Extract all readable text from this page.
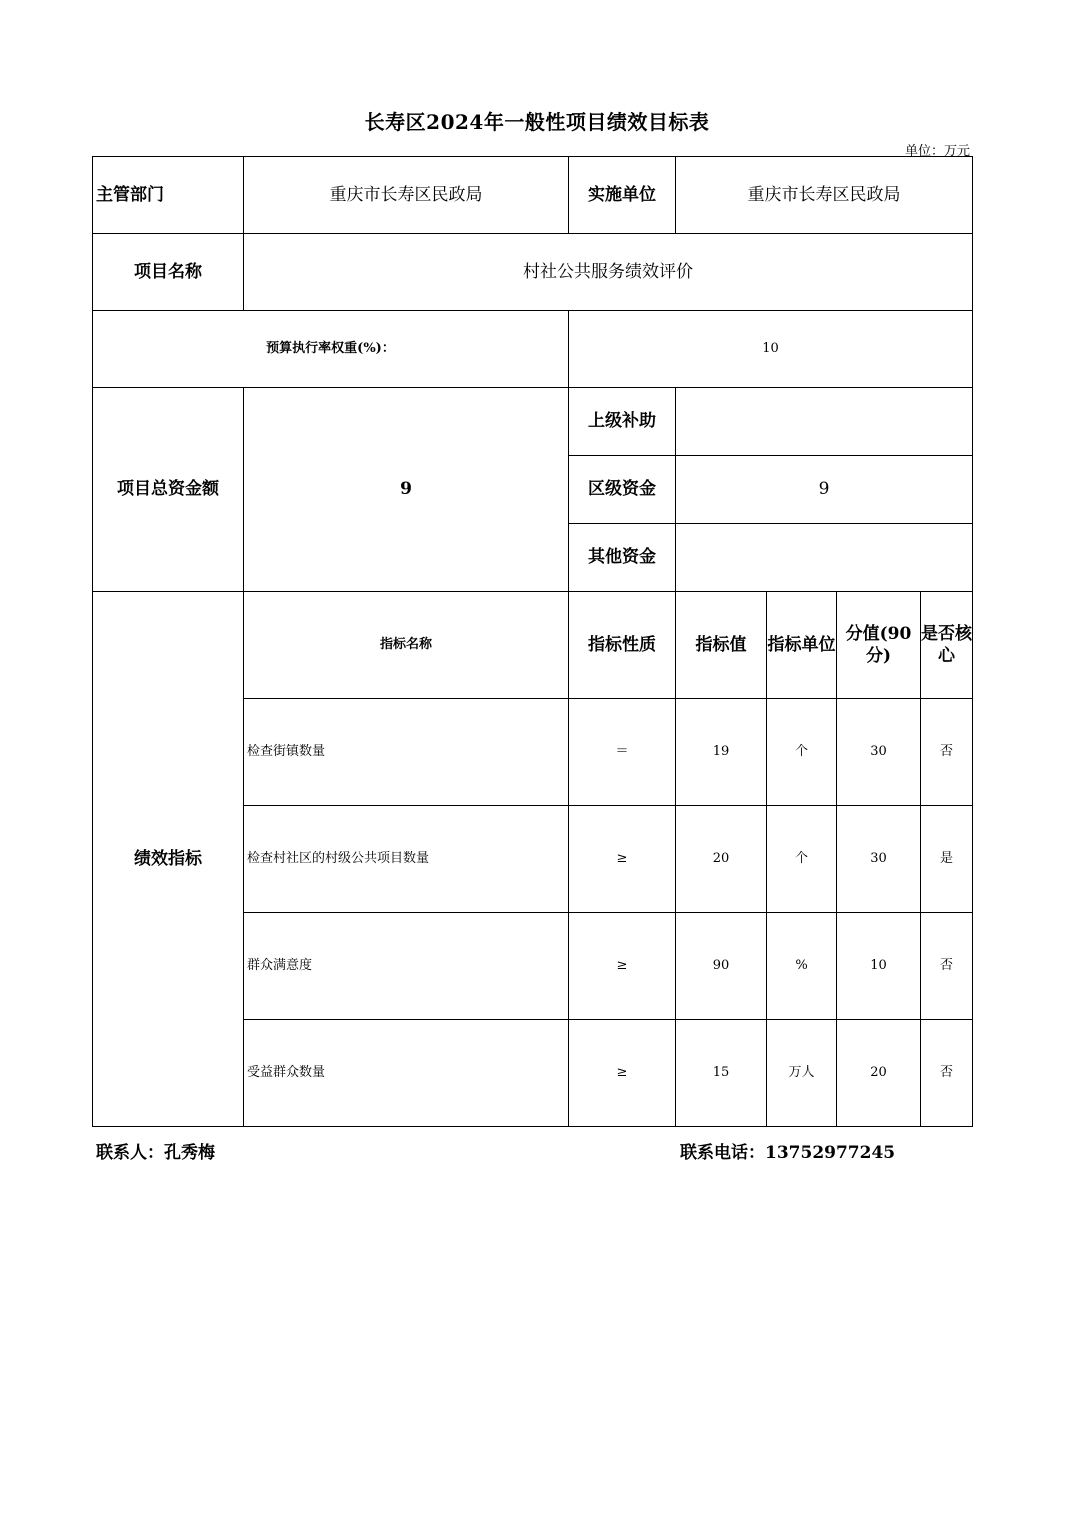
长寿区2024年一般性项目绩效目标表
单位：万元
主管部门	重庆市长寿区民政局	实施单位	重庆市长寿区民政局			
项目名称	村社公共服务绩效评价					
预算执行率权重(%)：		10				
项目总资金额	9	上级补助				
		区级资金	9			
		其他资金				
绩效指标	指标名称	指标性质	指标值	指标单位	分值(90分)	是否核心
	检查街镇数量	＝	19	个	30	否
	检查村社区的村级公共项目数量	≥	20	个	30	是
	群众满意度	≥	90	%	10	否
	受益群众数量	≥	15	万人	20	否
联系人：孔秀梅	联系电话：13752977245
